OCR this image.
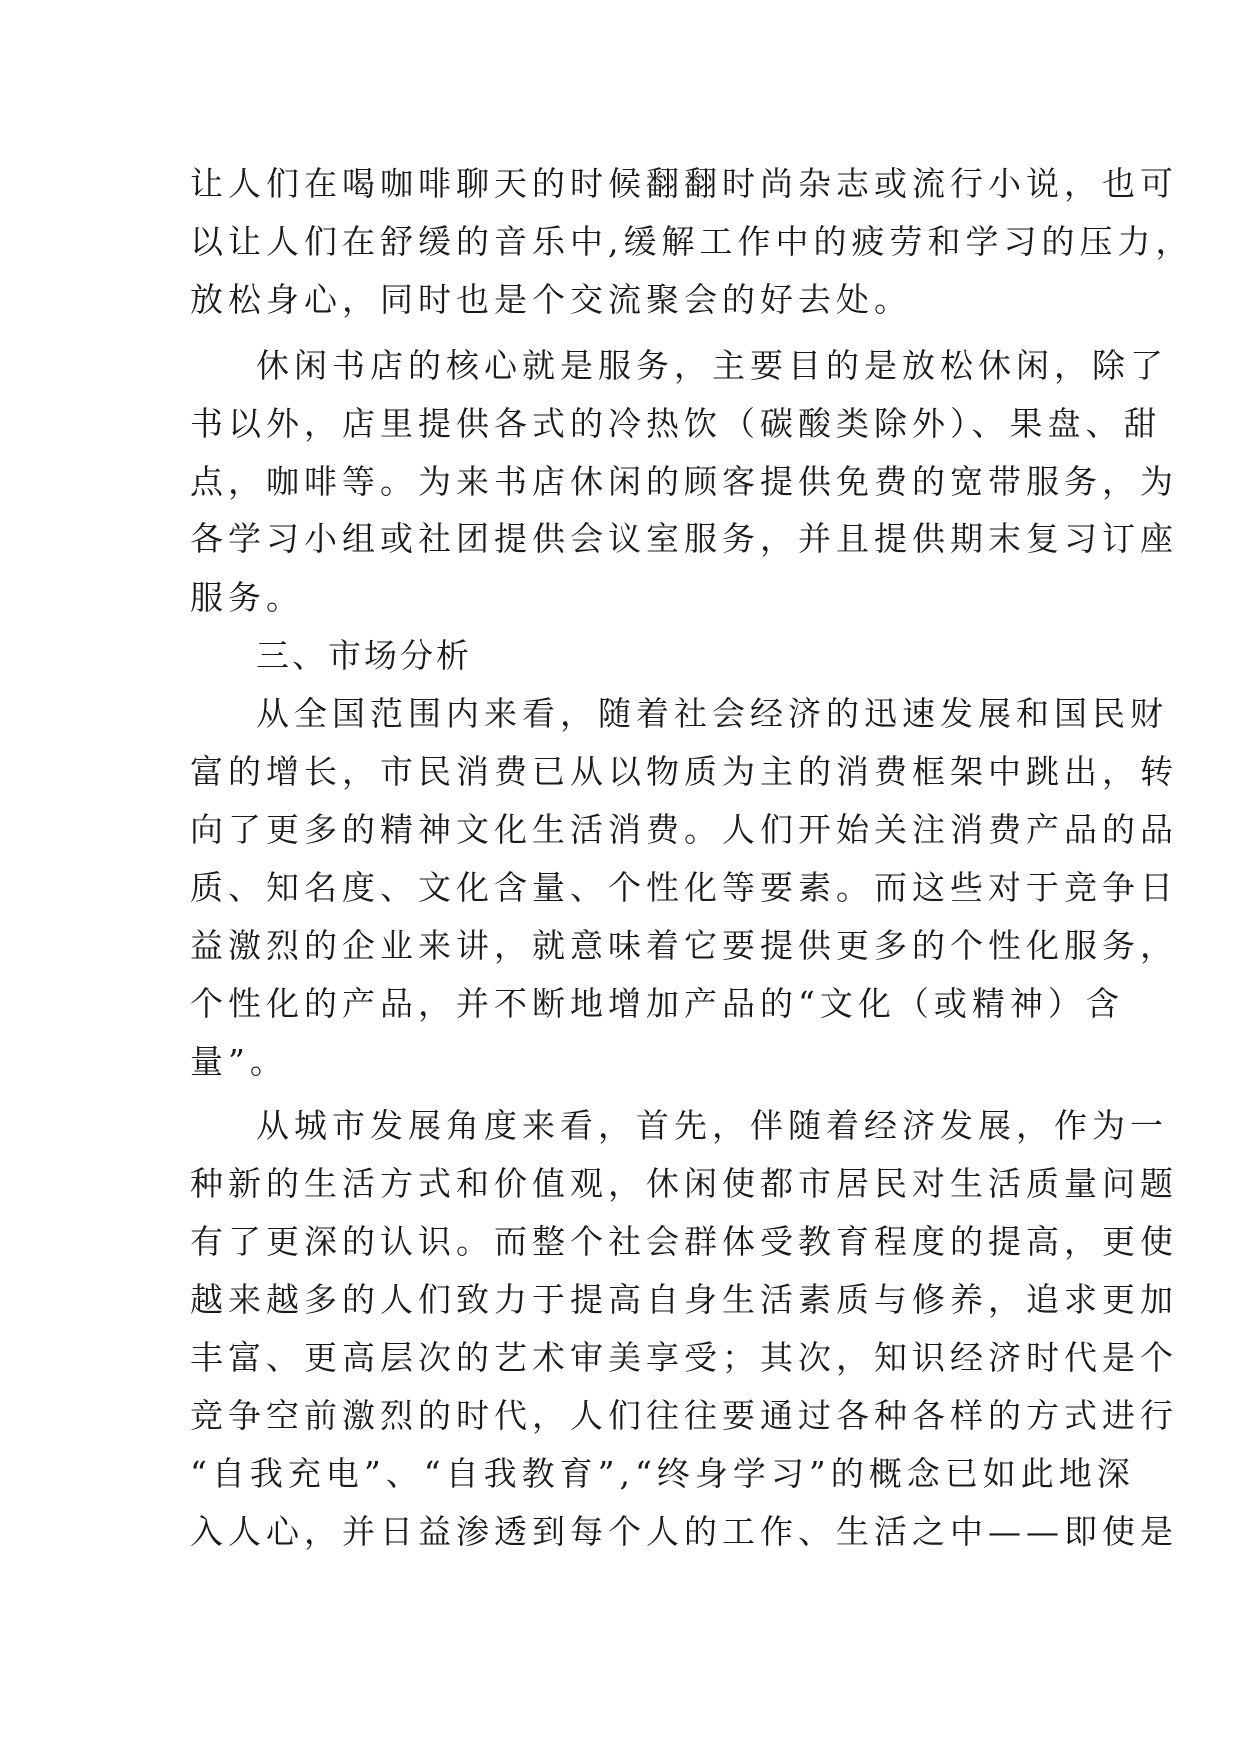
让人们在喝咖啡聊天的时候翻翻时尚杂志或流行小说，也可
以让人们在舒缓的音乐中,缓解工作中的疲劳和学习的压力，
放松身心，同时也是个交流聚会的好去处。
休闲书店的核心就是服务，主要目的是放松休闲，除了
书以外，店里提供各式的冷热饮（碳酸类除外）、果盘、甜
点，咖啡等。为来书店休闲的顾客提供免费的宽带服务，为
各学习小组或社团提供会议室服务，并且提供期末复习订座
服务。
三、市场分析
从全国范围内来看，随着社会经济的迅速发展和国民财
富的增长，市民消费已从以物质为主的消费框架中跳出，转
向了更多的精神文化生活消费。人们开始关注消费产品的品
质、知名度、文化含量、个性化等要素。而这些对于竞争日
益激烈的企业来讲，就意味着它要提供更多的个性化服务，
个性化的产品，并不断地增加产品的“文化（或精神）含
量”。
从城市发展角度来看，首先，伴随着经济发展，作为一
种新的生活方式和价值观，休闲使都市居民对生活质量问题
有了更深的认识。而整个社会群体受教育程度的提高，更使
越来越多的人们致力于提高自身生活素质与修养，追求更加
丰富、更高层次的艺术审美享受；其次，知识经济时代是个
竞争空前激烈的时代，人们往往要通过各种各样的方式进行
“自我充电”、“自我教育”,“终身学习”的概念已如此地深
入人心，并日益渗透到每个人的工作、生活之中——即使是
